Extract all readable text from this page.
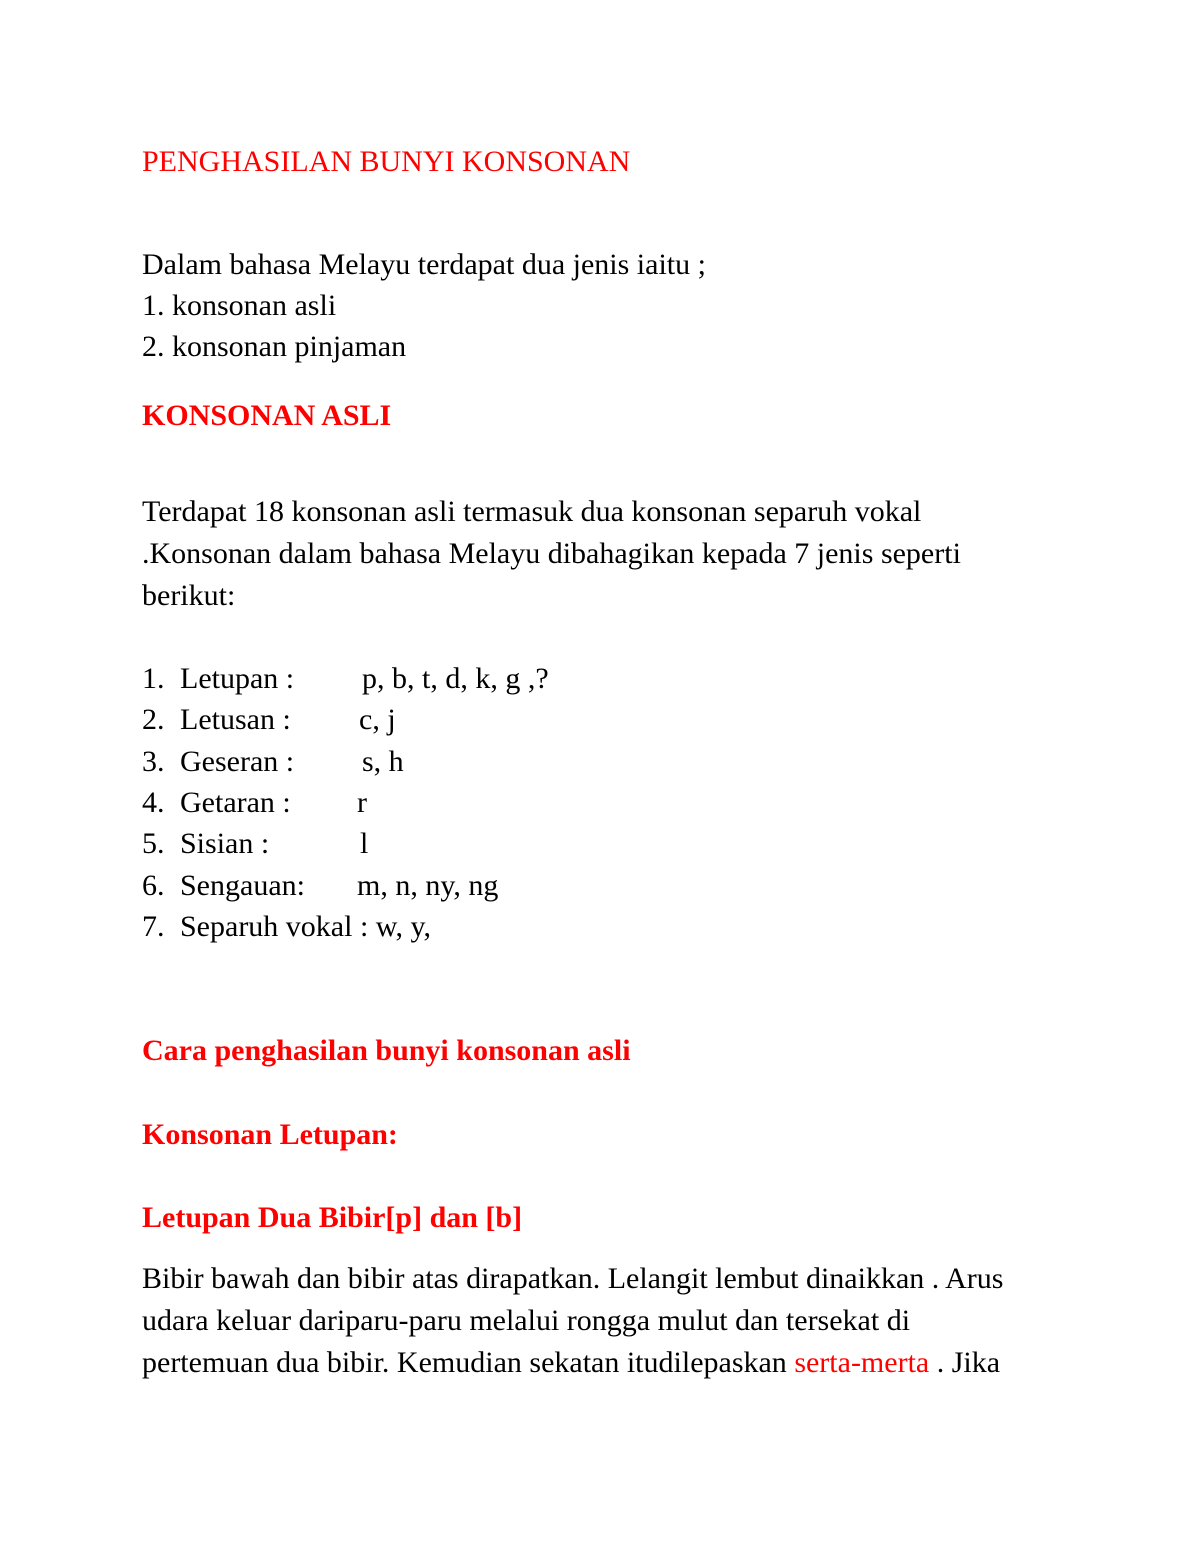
PENGHASILAN BUNYI KONSONAN
Dalam bahasa Melayu terdapat dua jenis iaitu ;
1. konsonan asli
2. konsonan pinjaman
KONSONAN ASLI
Terdapat 18 konsonan asli termasuk dua konsonan separuh vokal
.Konsonan dalam bahasa Melayu dibahagikan kepada 7 jenis seperti
berikut:
1. Letupan : p, b, t, d, k, g ,?
2. Letusan : c, j
3. Geseran : s, h
4. Getaran : r
5. Sisian :	l
6. Sengauan: m, n, ny, ng
7. Separuh vokal : w, y,
Cara penghasilan bunyi konsonan asli
Konsonan Letupan:
Letupan Dua Bibir[p] dan [b]
Bibir bawah dan bibir atas dirapatkan. Lelangit lembut dinaikkan . Arus
udara keluar dariparu-paru melalui rongga mulut dan tersekat di
pertemuan dua bibir. Kemudian sekatan itudilepaskan serta-merta . Jika
